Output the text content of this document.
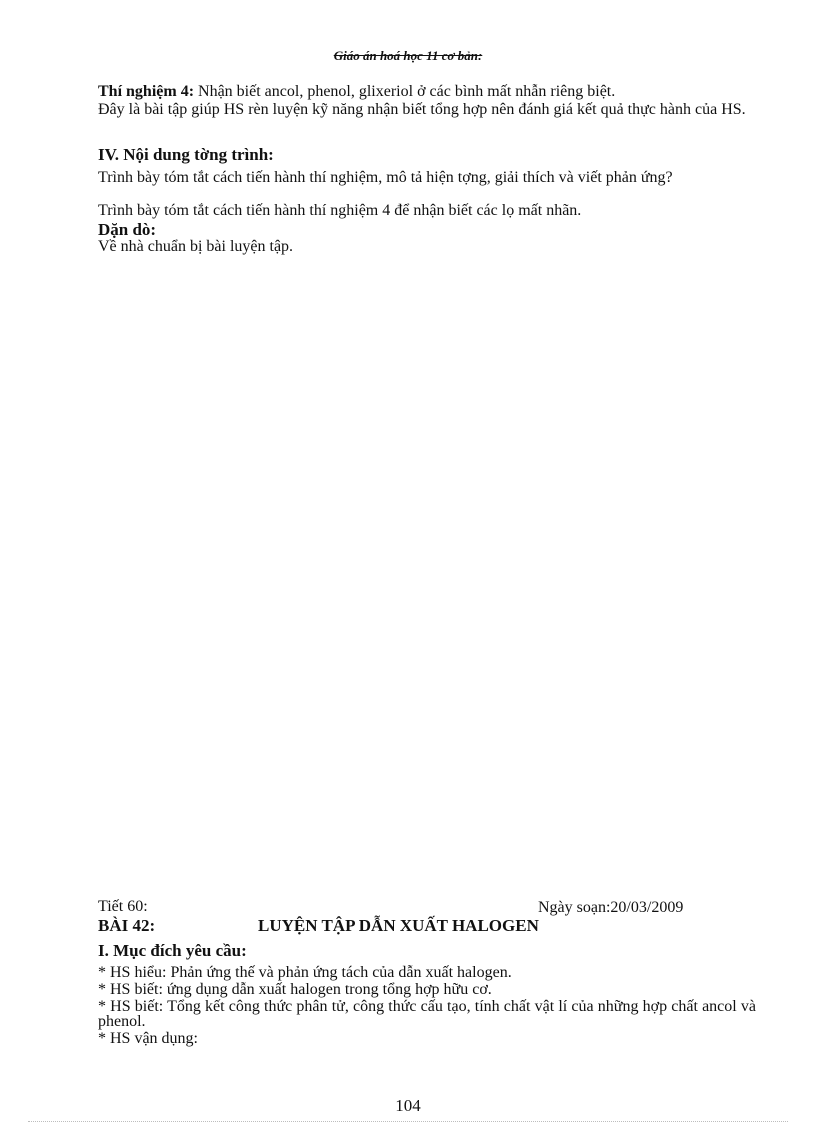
Giáo án hoá học 11 cơ bản:
Thí nghiệm 4: Nhận biết ancol, phenol, glixeriol ở các bình mất nhẫn riêng biệt.
Đây là bài tập giúp HS rèn luyện kỹ năng nhận biết tổng hợp nên đánh giá kết quả thực hành của HS.
IV. Nội dung tờng trình:
Trình bày tóm tắt cách tiến hành thí nghiệm, mô tả hiện tợng, giải thích và viết phản ứng?
Trình bày tóm tắt cách tiến hành thí nghiệm 4 để nhận biết các lọ mất nhãn.
Dặn dò:
Về nhà chuẩn bị bài luyện tập.
Tiết 60:	Ngày soạn:20/03/2009
BÀI 42:	LUYỆN TẬP DẪN XUẤT HALOGEN
I. Mục đích yêu cầu:
* HS hiểu: Phản ứng thế và phản ứng tách của dẫn xuất halogen.
* HS biết: ứng dụng dẫn xuất halogen trong tổng hợp hữu cơ.
* HS biết: Tổng kết công thức phân tử, công thức cấu tạo, tính chất vật lí của những hợp chất ancol và phenol.
* HS vận dụng:
104
